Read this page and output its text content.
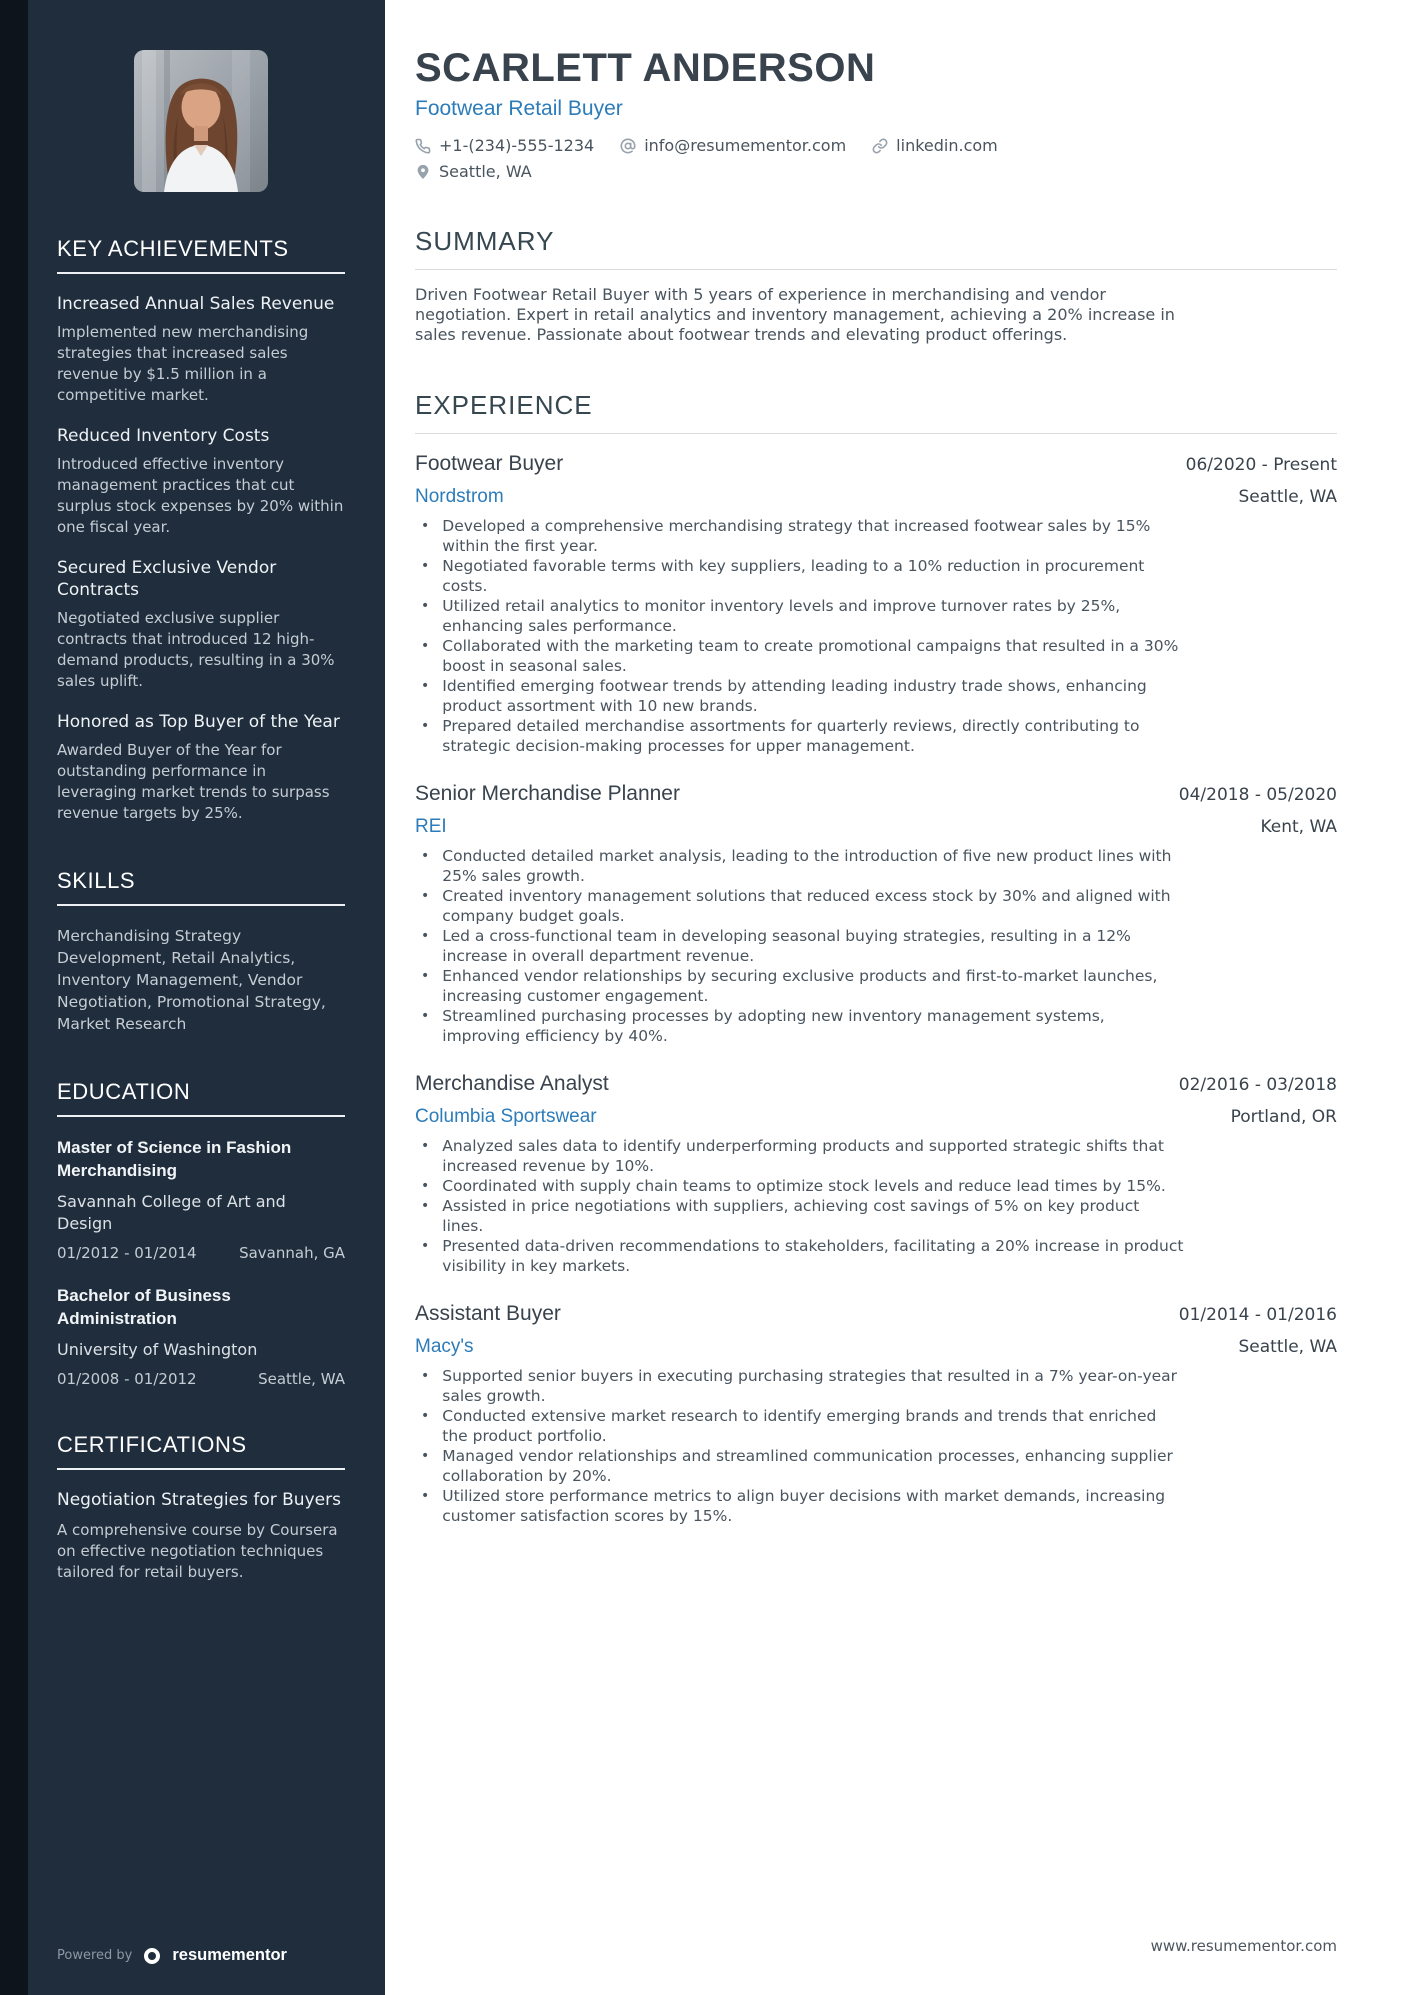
KEY ACHIEVEMENTS
Increased Annual Sales Revenue
Implemented new merchandising strategies that increased sales revenue by $1.5 million in a competitive market.
Reduced Inventory Costs
Introduced effective inventory management practices that cut surplus stock expenses by 20% within one fiscal year.
Secured Exclusive Vendor Contracts
Negotiated exclusive supplier contracts that introduced 12 high-demand products, resulting in a 30% sales uplift.
Honored as Top Buyer of the Year
Awarded Buyer of the Year for outstanding performance in leveraging market trends to surpass revenue targets by 25%.
SKILLS
Merchandising Strategy Development, Retail Analytics, Inventory Management, Vendor Negotiation, Promotional Strategy, Market Research
EDUCATION
Master of Science in Fashion Merchandising
Savannah College of Art and Design
01/2012 - 01/2014	Savannah, GA
Bachelor of Business Administration
University of Washington
01/2008 - 01/2012	Seattle, WA
CERTIFICATIONS
Negotiation Strategies for Buyers
A comprehensive course by Coursera on effective negotiation techniques tailored for retail buyers.
Powered by resumementor
SCARLETT ANDERSON
Footwear Retail Buyer
+1-(234)-555-1234	info@resumementor.com	linkedin.com
Seattle, WA
SUMMARY

Driven Footwear Retail Buyer with 5 years of experience in merchandising and vendor negotiation. Expert in retail analytics and inventory management, achieving a 20% increase in sales revenue. Passionate about footwear trends and elevating product offerings.

EXPERIENCE
Footwear Buyer	06/2020 - Present
Nordstrom	Seattle, WA
• Developed a comprehensive merchandising strategy that increased footwear sales by 15% within the first year.
• Negotiated favorable terms with key suppliers, leading to a 10% reduction in procurement costs.
• Utilized retail analytics to monitor inventory levels and improve turnover rates by 25%, enhancing sales performance.
• Collaborated with the marketing team to create promotional campaigns that resulted in a 30% boost in seasonal sales.
• Identified emerging footwear trends by attending leading industry trade shows, enhancing product assortment with 10 new brands.
• Prepared detailed merchandise assortments for quarterly reviews, directly contributing to strategic decision-making processes for upper management.
Senior Merchandise Planner	04/2018 - 05/2020
REI	Kent, WA
• Conducted detailed market analysis, leading to the introduction of five new product lines with 25% sales growth.
• Created inventory management solutions that reduced excess stock by 30% and aligned with company budget goals.
• Led a cross-functional team in developing seasonal buying strategies, resulting in a 12% increase in overall department revenue.
• Enhanced vendor relationships by securing exclusive products and first-to-market launches, increasing customer engagement.
• Streamlined purchasing processes by adopting new inventory management systems, improving efficiency by 40%.
Merchandise Analyst	02/2016 - 03/2018
Columbia Sportswear	Portland, OR
• Analyzed sales data to identify underperforming products and supported strategic shifts that increased revenue by 10%.
• Coordinated with supply chain teams to optimize stock levels and reduce lead times by 15%.
• Assisted in price negotiations with suppliers, achieving cost savings of 5% on key product lines.
• Presented data-driven recommendations to stakeholders, facilitating a 20% increase in product visibility in key markets.
Assistant Buyer	01/2014 - 01/2016
Macy's	Seattle, WA
• Supported senior buyers in executing purchasing strategies that resulted in a 7% year-on-year sales growth.
• Conducted extensive market research to identify emerging brands and trends that enriched the product portfolio.
• Managed vendor relationships and streamlined communication processes, enhancing supplier collaboration by 20%.
• Utilized store performance metrics to align buyer decisions with market demands, increasing customer satisfaction scores by 15%.
www.resumementor.com
